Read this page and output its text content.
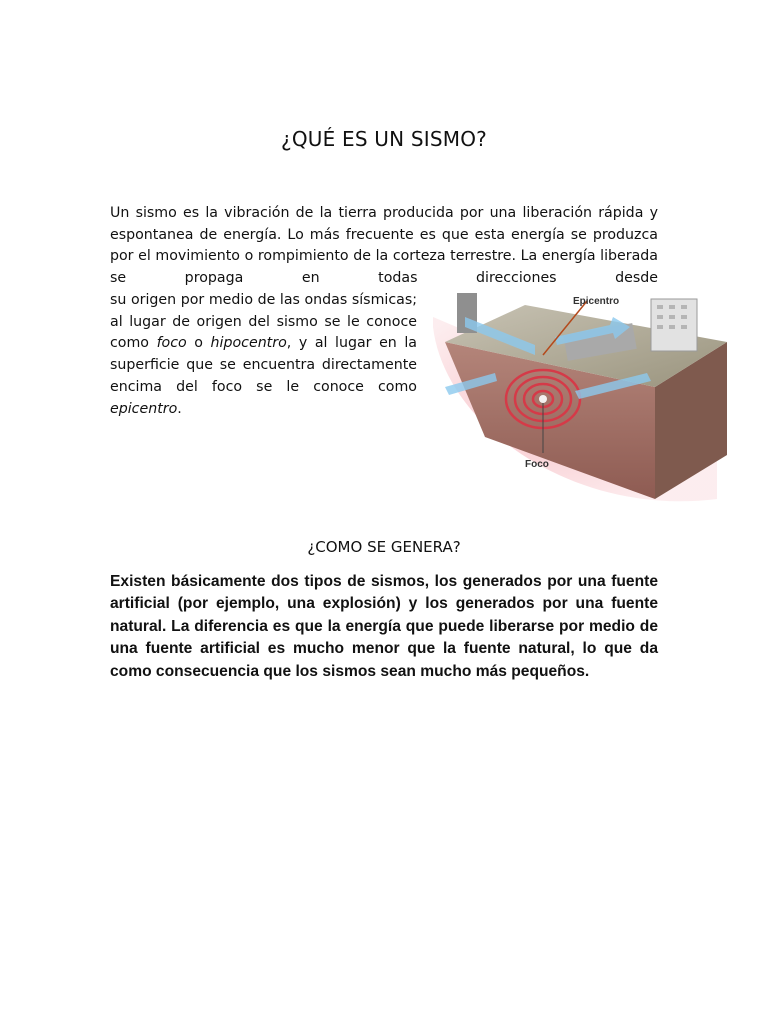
¿QUÉ ES UN SISMO?

Un sismo es la vibración de la tierra producida por una liberación rápida y espontanea de energía. Lo más frecuente es que esta energía se produzca por el movimiento o rompimiento de la corteza terrestre. La energía liberada se propaga en todas direcciones desde

su origen por medio de las ondas sísmicas; al lugar de origen del sismo se le conoce como foco o hipocentro, y al lugar en la superficie que se encuentra directamente encima del foco se le conoce como epicentro.

Epicentro
Foco
¿COMO SE GENERA?

Existen básicamente dos tipos de sismos, los generados por una fuente artificial (por ejemplo, una explosión) y los generados por una fuente natural. La diferencia es que la energía que puede liberarse por medio de una fuente artificial es mucho menor que la fuente natural, lo que da como consecuencia que los sismos sean mucho más pequeños.
